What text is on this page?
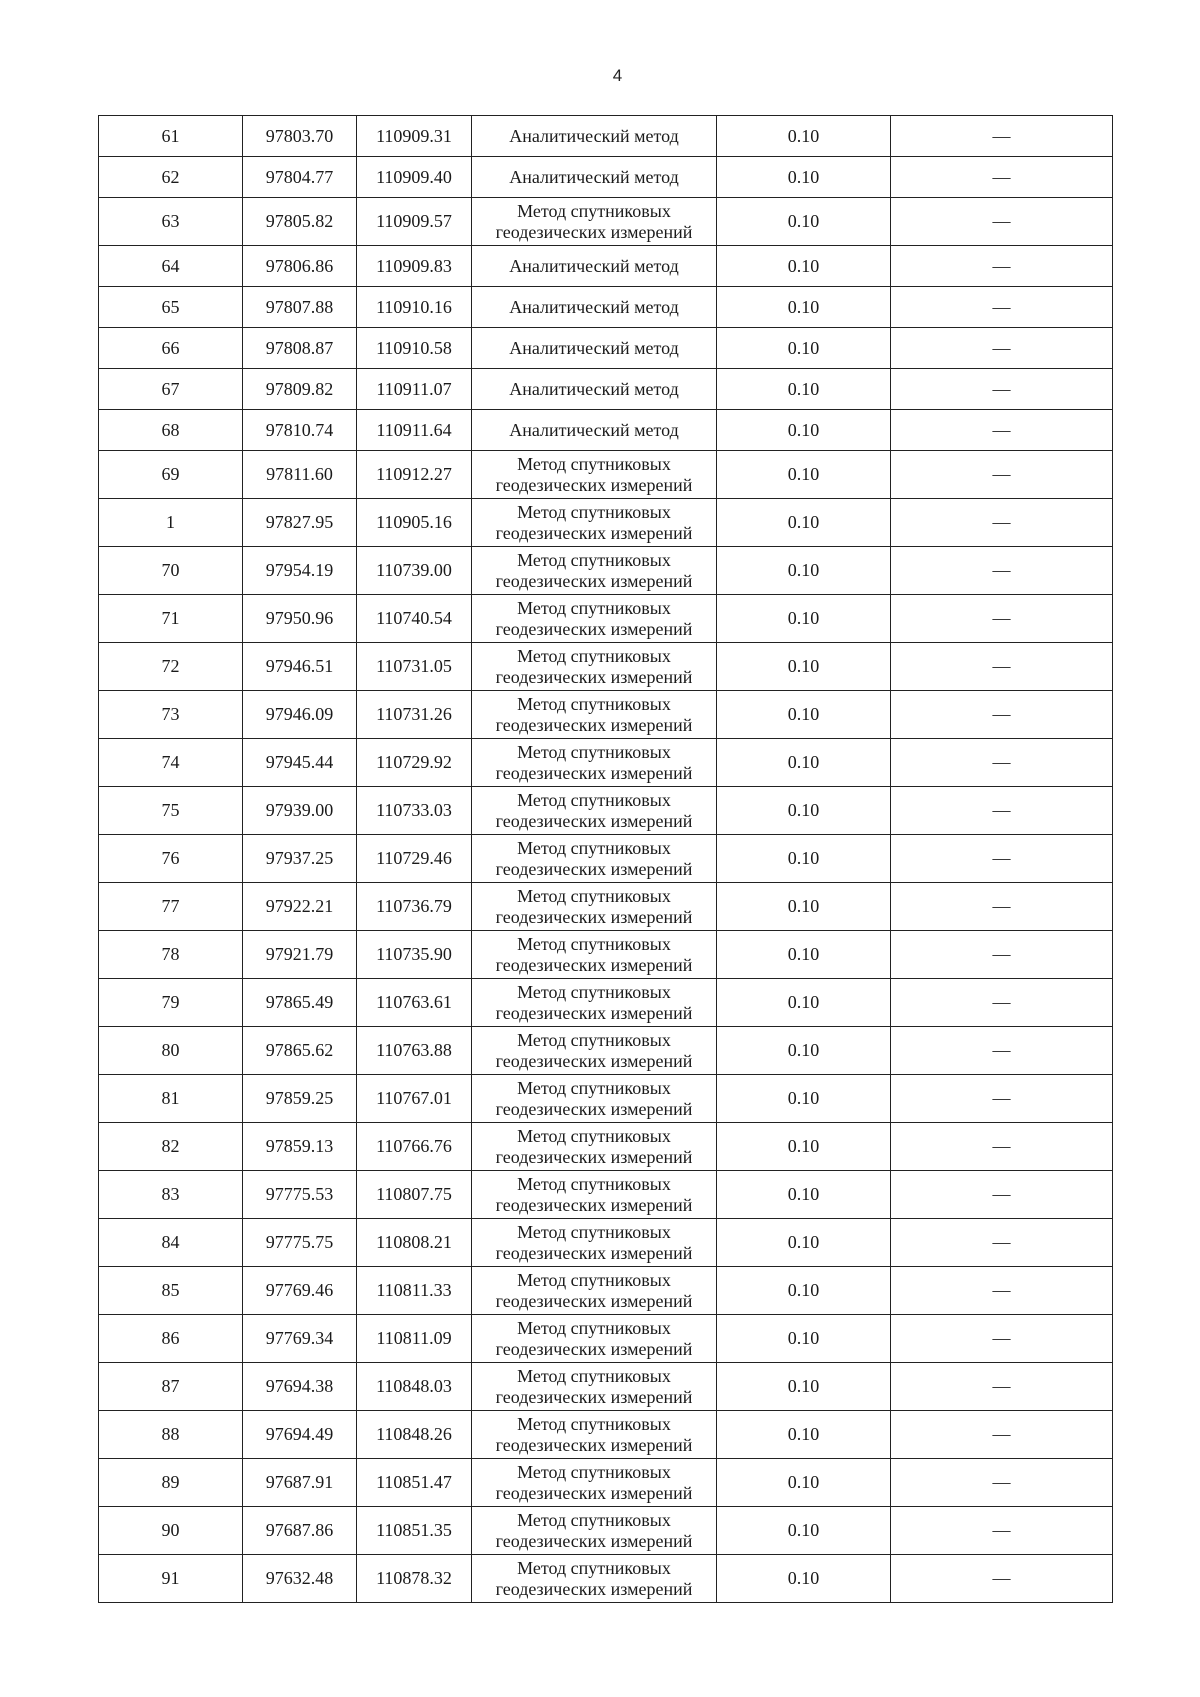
4
61	97803.70	110909.31	Аналитический метод	0.10	—
62	97804.77	110909.40	Аналитический метод	0.10	—
63	97805.82	110909.57	Метод спутниковых
геодезических измерений	0.10	—
64	97806.86	110909.83	Аналитический метод	0.10	—
65	97807.88	110910.16	Аналитический метод	0.10	—
66	97808.87	110910.58	Аналитический метод	0.10	—
67	97809.82	110911.07	Аналитический метод	0.10	—
68	97810.74	110911.64	Аналитический метод	0.10	—
69	97811.60	110912.27	Метод спутниковых
геодезических измерений	0.10	—
1	97827.95	110905.16	Метод спутниковых
геодезических измерений	0.10	—
70	97954.19	110739.00	Метод спутниковых
геодезических измерений	0.10	—
71	97950.96	110740.54	Метод спутниковых
геодезических измерений	0.10	—
72	97946.51	110731.05	Метод спутниковых
геодезических измерений	0.10	—
73	97946.09	110731.26	Метод спутниковых
геодезических измерений	0.10	—
74	97945.44	110729.92	Метод спутниковых
геодезических измерений	0.10	—
75	97939.00	110733.03	Метод спутниковых
геодезических измерений	0.10	—
76	97937.25	110729.46	Метод спутниковых
геодезических измерений	0.10	—
77	97922.21	110736.79	Метод спутниковых
геодезических измерений	0.10	—
78	97921.79	110735.90	Метод спутниковых
геодезических измерений	0.10	—
79	97865.49	110763.61	Метод спутниковых
геодезических измерений	0.10	—
80	97865.62	110763.88	Метод спутниковых
геодезических измерений	0.10	—
81	97859.25	110767.01	Метод спутниковых
геодезических измерений	0.10	—
82	97859.13	110766.76	Метод спутниковых
геодезических измерений	0.10	—
83	97775.53	110807.75	Метод спутниковых
геодезических измерений	0.10	—
84	97775.75	110808.21	Метод спутниковых
геодезических измерений	0.10	—
85	97769.46	110811.33	Метод спутниковых
геодезических измерений	0.10	—
86	97769.34	110811.09	Метод спутниковых
геодезических измерений	0.10	—
87	97694.38	110848.03	Метод спутниковых
геодезических измерений	0.10	—
88	97694.49	110848.26	Метод спутниковых
геодезических измерений	0.10	—
89	97687.91	110851.47	Метод спутниковых
геодезических измерений	0.10	—
90	97687.86	110851.35	Метод спутниковых
геодезических измерений	0.10	—
91	97632.48	110878.32	Метод спутниковых
геодезических измерений	0.10	—
